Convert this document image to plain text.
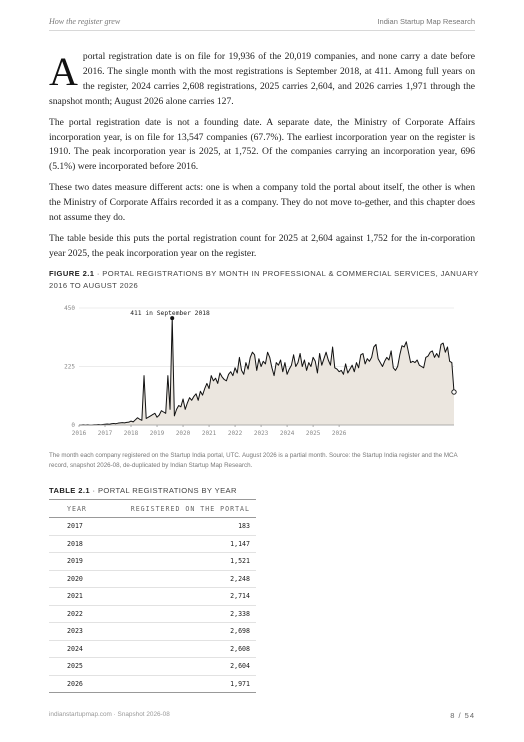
How the register grew	Indian Startup Map Research

Aportal registration date is on file for 19,936 of the 20,019 companies, and none carry a date before 2016. The single month with the most registrations is September 2018, at 411. Among full years on the register, 2024 carries 2,608 registrations, 2025 carries 2,604, and 2026 carries 1,971 through the snapshot month; August 2026 alone carries 127.

The portal registration date is not a founding date. A separate date, the Ministry of Corporate Affairs incorporation year, is on file for 13,547 companies (67.7%). The earliest incorporation year on the register is 1910. The peak incorporation year is 2025, at 1,752. Of the companies carrying an incorporation year, 696 (5.1%) were incorporated before 2016.

These two dates measure different acts: one is when a company told the portal about itself, the other is when the Ministry of Corporate Affairs recorded it as a company. They do not move to-gether, and this chapter does not assume they do.

The table beside this puts the portal registration count for 2025 at 2,604 against 1,752 for the in-corporation year 2025, the peak incorporation year on the register.

FIGURE 2.1 · PORTAL REGISTRATIONS BY MONTH IN PROFESSIONAL & COMMERCIAL SERVICES, JANUARY 2016 TO AUGUST 2026
0
225
450
2016 2017 2018 2019 2020 2021 2022 2023 2024 2025 2026
411 in September 2018
The month each company registered on the Startup India portal, UTC. August 2026 is a partial month. Source: the Startup India register and the MCA record, snapshot 2026-08, de-duplicated by Indian Startup Map Research.
TABLE 2.1 · PORTAL REGISTRATIONS BY YEAR
YEAR	REGISTERED ON THE PORTAL
2017	183
2018	1,147
2019	1,521
2020	2,248
2021	2,714
2022	2,338
2023	2,698
2024	2,608
2025	2,604
2026	1,971
indianstartupmap.com · Snapshot 2026-08	8 / 54
